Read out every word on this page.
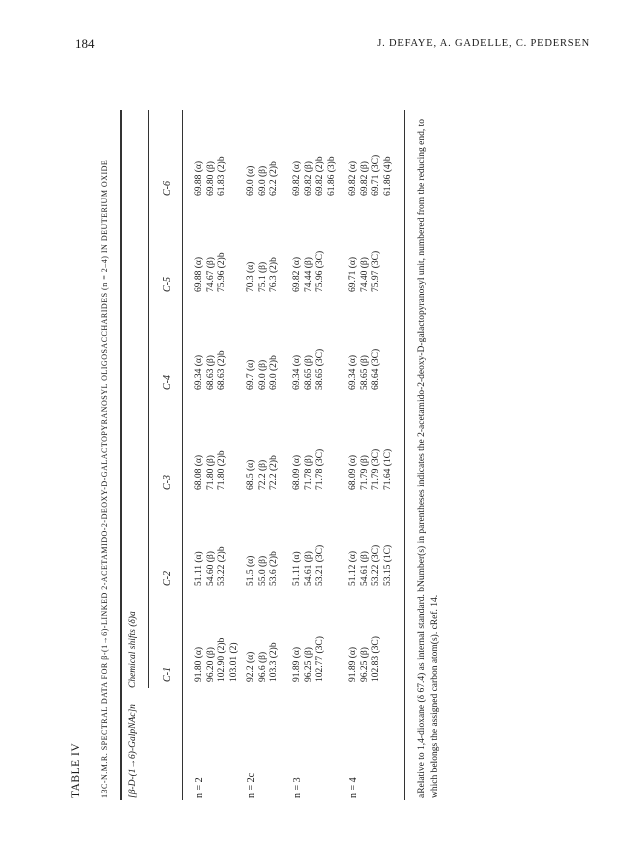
184	J. DEFAYE, A. GADELLE, C. PEDERSEN
TABLE IV 13C-N.M.R. SPECTRAL DATA FOR β-(1→6)-LINKED 2-ACETAMIDO-2-DEOXY-D-GALACTOPYRANOSYL OLIGOSACCHARIDES (n = 2–4) IN DEUTERIUM OXIDE [β-D-(1→6)-GalpNAc]n
Chemical shifts (δ)a C-1
C-2
C-3
C-4
C-5
C-6
n = 2
91.80 (α) 96.20 (β) 102.90 (2)b 103.01 (2)
51.11 (α) 54.60 (β) 53.22 (2)b
68.08 (α) 71.80 (β) 71.80 (2)b
69.34 (α) 68.63 (β) 68.63 (2)b
69.88 (α) 74.67 (β) 75.96 (2)b
69.88 (α) 69.80 (β) 61.83 (2)b
n = 2c
92.2 (α) 96.6 (β) 103.3 (2)b
51.5 (α) 55.0 (β) 53.6 (2)b
68.5 (α) 72.2 (β) 72.2 (2)b
69.7 (α) 69.0 (β) 69.0 (2)b
70.3 (α) 75.1 (β) 76.3 (2)b
69.0 (α) 69.0 (β) 62.2 (2)b
n = 3
91.89 (α) 96.25 (β) 102.77 (3C)
51.11 (α) 54.61 (β) 53.21 (3C)
68.09 (α) 71.78 (β) 71.78 (3C)
69.34 (α) 68.65 (β) 58.65 (3C)
69.82 (α) 74.44 (β) 75.96 (3C)
69.82 (α) 69.82 (β) 69.82 (2)b 61.86 (3)b
n = 4
91.89 (α) 96.25 (β) 102.83 (3C)
51.12 (α) 54.61 (β) 53.22 (3C) 53.15 (1C)
68.09 (α) 71.79 (β) 71.79 (3C) 71.64 (1C)
69.34 (α) 58.65 (β) 68.64 (3C)
69.71 (α) 74.40 (β) 75.97 (3C)
69.82 (α) 69.82 (β) 69.71 (3C) 61.86 (4)b	aRelative to 1,4-dioxane (δ 67.4) as internal standard. bNumber(s) in parentheses indicates the 2-acetamido-2-deoxy-D-galactopyranosyl unit, numbered from the reducing end, to which belongs the assigned carbon atom(s). cRef. 14.
